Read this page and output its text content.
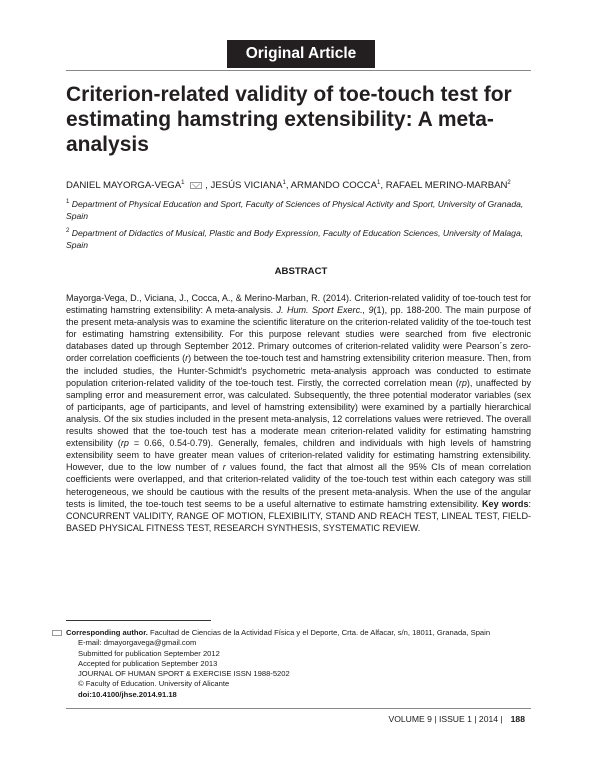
Original Article
Criterion-related validity of toe-touch test for estimating hamstring extensibility: A meta-analysis
DANIEL MAYORGA-VEGA$^1$ , JESÚS VICIANA$^1$, ARMANDO COCCA$^1$, RAFAEL MERINO-MARBAN$^2$
$^1$ Department of Physical Education and Sport, Faculty of Sciences of Physical Activity and Sport, University of Granada, Spain
$^2$ Department of Didactics of Musical, Plastic and Body Expression, Faculty of Education Sciences, University of Malaga, Spain
ABSTRACT

Mayorga-Vega, D., Viciana, J., Cocca, A., & Merino-Marban, R. (2014). Criterion-related validity of toe-touch test for estimating hamstring extensibility: A meta-analysis. J. Hum. Sport Exerc., 9(1), pp. 188-200. The main purpose of the present meta-analysis was to examine the scientific literature on the criterion-related validity of the toe-touch test for estimating hamstring extensibility. For this purpose relevant studies were searched from five electronic databases dated up through September 2012. Primary outcomes of criterion-related validity were Pearson´s zero-order correlation coefficients (r) between the toe-touch test and hamstring extensibility criterion measure. Then, from the included studies, the Hunter-Schmidt's psychometric meta-analysis approach was conducted to estimate population criterion-related validity of the toe-touch test. Firstly, the corrected correlation mean (rp), unaffected by sampling error and measurement error, was calculated. Subsequently, the three potential moderator variables (sex of participants, age of participants, and level of hamstring extensibility) were examined by a partially hierarchical analysis. Of the six studies included in the present meta-analysis, 12 correlations values were retrieved. The overall results showed that the toe-touch test has a moderate mean criterion-related validity for estimating hamstring extensibility (rp = 0.66, 0.54-0.79). Generally, females, children and individuals with high levels of hamstring extensibility seem to have greater mean values of criterion-related validity for estimating hamstring extensibility. However, due to the low number of r values found, the fact that almost all the 95% CIs of mean correlation coefficients were overlapped, and that criterion-related validity of the toe-touch test within each category was still heterogeneous, we should be cautious with the results of the present meta-analysis. When the use of the angular tests is limited, the toe-touch test seems to be a useful alternative to estimate hamstring extensibility. Key words: CONCURRENT VALIDITY, RANGE OF MOTION, FLEXIBILITY, STAND AND REACH TEST, LINEAL TEST, FIELD-BASED PHYSICAL FITNESS TEST, RESEARCH SYNTHESIS, SYSTEMATIC REVIEW.

Corresponding author. Facultad de Ciencias de la Actividad Física y el Deporte, Crta. de Alfacar, s/n, 18011, Granada, Spain
E-mail: dmayorgavega@gmail.com
Submitted for publication September 2012
Accepted for publication September 2013
JOURNAL OF HUMAN SPORT & EXERCISE ISSN 1988-5202
© Faculty of Education. University of Alicante
doi:10.4100/jhse.2014.91.18
VOLUME 9 | ISSUE 1 | 2014 | 188
